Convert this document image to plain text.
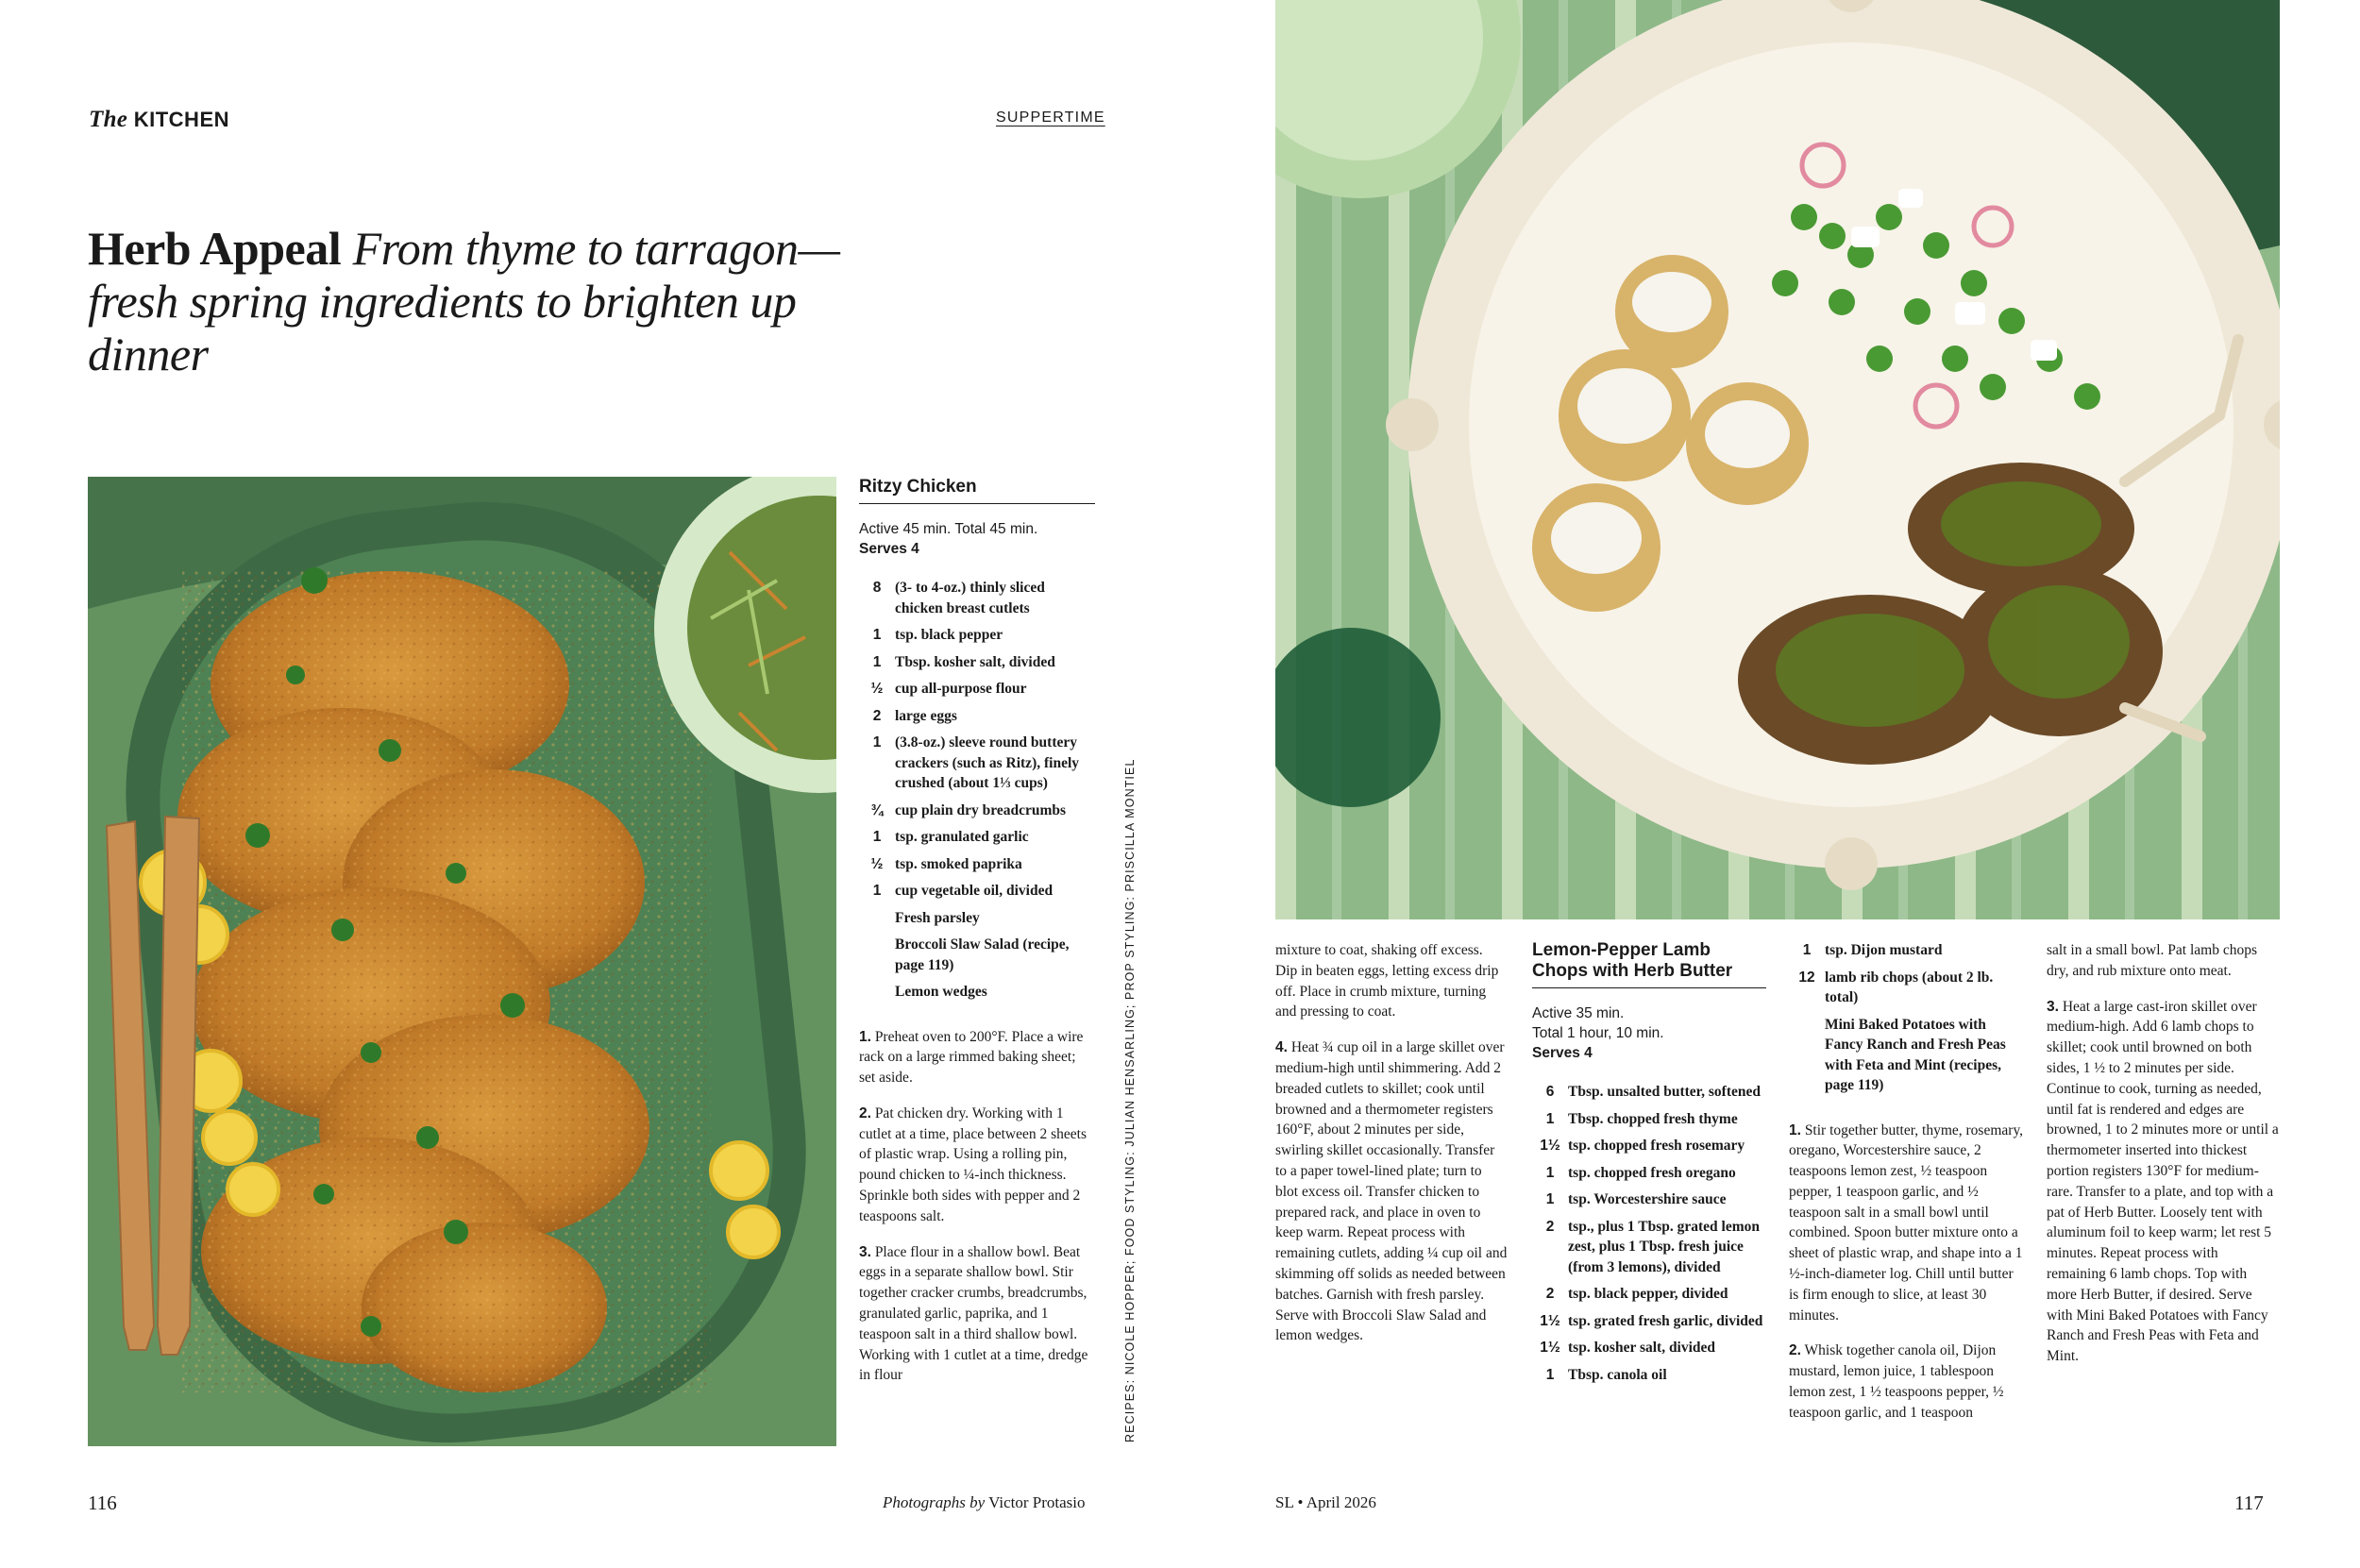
The KITCHEN	SUPPERTIME
Herb Appeal From thyme to tarragon—fresh spring ingredients to brighten up dinner
RECIPES: NICOLE HOPPER; FOOD STYLING: JULIAN HENSARLING; PROP STYLING: PRISCILLA MONTIEL
Ritzy Chicken
Active 45 min. Total 45 min.
Serves 4
8 (3- to 4-oz.) thinly sliced chicken breast cutlets
1 tsp. black pepper
1 Tbsp. kosher salt, divided
½ cup all-purpose flour
2 large eggs
1 (3.8-oz.) sleeve round buttery crackers (such as Ritz), finely crushed (about 1⅓ cups)
¾ cup plain dry breadcrumbs
1 tsp. granulated garlic
½ tsp. smoked paprika
1 cup vegetable oil, divided
Fresh parsley
Broccoli Slaw Salad (recipe, page 119)
Lemon wedges

1. Preheat oven to 200°F. Place a wire rack on a large rimmed baking sheet; set aside.

2. Pat chicken dry. Working with 1 cutlet at a time, place between 2 sheets of plastic wrap. Using a rolling pin, pound chicken to ¼-inch thickness. Sprinkle both sides with pepper and 2 teaspoons salt.

3. Place flour in a shallow bowl. Beat eggs in a separate shallow bowl. Stir together cracker crumbs, breadcrumbs, granulated garlic, paprika, and 1 teaspoon salt in a third shallow bowl. Working with 1 cutlet at a time, dredge in flour

mixture to coat, shaking off excess. Dip in beaten eggs, letting excess drip off. Place in crumb mixture, turning and pressing to coat.

4. Heat ¾ cup oil in a large skillet over medium-high until shimmering. Add 2 breaded cutlets to skillet; cook until browned and a thermometer registers 160°F, about 2 minutes per side, swirling skillet occasionally. Transfer to a paper towel-lined plate; turn to blot excess oil. Transfer chicken to prepared rack, and place in oven to keep warm. Repeat process with remaining cutlets, adding ¼ cup oil and skimming off solids as needed between batches. Garnish with fresh parsley. Serve with Broccoli Slaw Salad and lemon wedges.

Lemon-Pepper Lamb Chops with Herb Butter
Active 35 min.
Total 1 hour, 10 min.
Serves 4
6 Tbsp. unsalted butter, softened
1 Tbsp. chopped fresh thyme
1½ tsp. chopped fresh rosemary
1 tsp. chopped fresh oregano
1 tsp. Worcestershire sauce
2 tsp., plus 1 Tbsp. grated lemon zest, plus 1 Tbsp. fresh juice (from 3 lemons), divided
2 tsp. black pepper, divided
1½ tsp. grated fresh garlic, divided
1½ tsp. kosher salt, divided
1 Tbsp. canola oil
1 tsp. Dijon mustard
12 lamb rib chops (about 2 lb. total)
Mini Baked Potatoes with Fancy Ranch and Fresh Peas with Feta and Mint (recipes, page 119)

1. Stir together butter, thyme, rosemary, oregano, Worcestershire sauce, 2 teaspoons lemon zest, ½ teaspoon pepper, 1 teaspoon garlic, and ½ teaspoon salt in a small bowl until combined. Spoon butter mixture onto a sheet of plastic wrap, and shape into a 1 ½-inch-diameter log. Chill until butter is firm enough to slice, at least 30 minutes.

2. Whisk together canola oil, Dijon mustard, lemon juice, 1 tablespoon lemon zest, 1 ½ teaspoons pepper, ½ teaspoon garlic, and 1 teaspoon

salt in a small bowl. Pat lamb chops dry, and rub mixture onto meat.

3. Heat a large cast-iron skillet over medium-high. Add 6 lamb chops to skillet; cook until browned on both sides, 1 ½ to 2 minutes per side. Continue to cook, turning as needed, until fat is rendered and edges are browned, 1 to 2 minutes more or until a thermometer inserted into thickest portion registers 130°F for medium-rare. Transfer to a plate, and top with a pat of Herb Butter. Loosely tent with aluminum foil to keep warm; let rest 5 minutes. Repeat process with remaining 6 lamb chops. Top with more Herb Butter, if desired. Serve with Mini Baked Potatoes with Fancy Ranch and Fresh Peas with Feta and Mint.

116	Photographs by Victor Protasio	SL • April 2026	117
